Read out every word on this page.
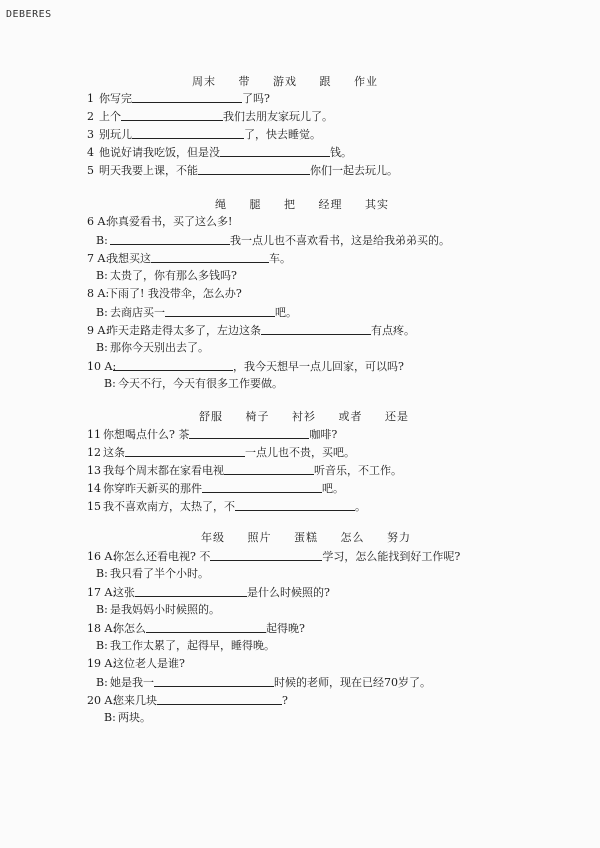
DEBERES
周末 带 游戏 跟 作业
1 你写完	了吗?
2 上个	我们去朋友家玩儿了。
3 别玩儿	了，快去睡觉。
4 他说好请我吃饭，但是没	钱。
5 明天我要上课，不能	你们一起去玩儿。
绳 腿 把 经理 其实
6 A:你真爱看书，买了这么多!
B:	我一点儿也不喜欢看书，这是给我弟弟买的。
7 A:我想买这	车。
B: 太贵了，你有那么多钱吗?
8 A:下雨了! 我没带伞，怎么办?
B: 去商店买一	吧。
9 A:昨天走路走得太多了，左边这条	有点疼。
B: 那你今天别出去了。
10 A:	，我今天想早一点儿回家，可以吗?
B: 今天不行，今天有很多工作要做。
舒服 椅子 衬衫 或者 还是
11 你想喝点什么? 茶	咖啡?
12 这条	一点儿也不贵，买吧。
13 我每个周末都在家看电视	听音乐，不工作。
14 你穿昨天新买的那件	吧。
15 我不喜欢南方，太热了，不	。
年级 照片 蛋糕 怎么 努力
16 A:你怎么还看电视? 不	学习，怎么能找到好工作呢?
B: 我只看了半个小时。
17 A:这张	是什么时候照的?
B: 是我妈妈小时候照的。
18 A:你怎么	起得晚?
B: 我工作太累了，起得早，睡得晚。
19 A:这位老人是谁?
B: 她是我一	时候的老师，现在已经70岁了。
20 A:您来几块	?
B: 两块。
